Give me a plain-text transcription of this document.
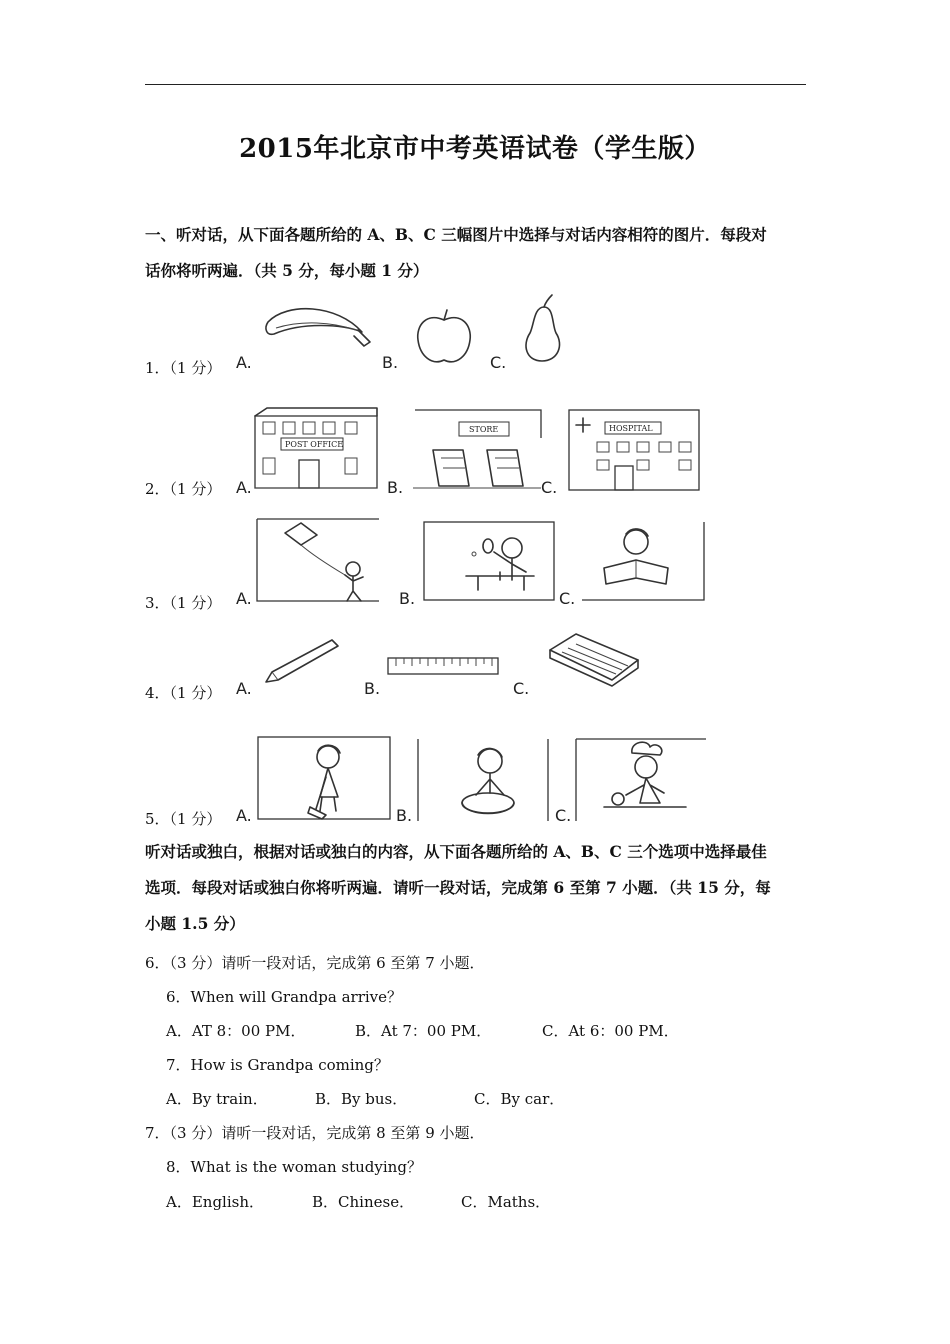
2015年北京市中考英语试卷（学生版）
一、听对话，从下面各题所给的 A、B、C 三幅图片中选择与对话内容相符的图片．每段对
话你将听两遍．（共 5 分，每小题 1 分）
1．（1 分） A.	B.	C.
2．（1 分） A.	B.	C.
POST OFFICE
STORE	HOSPITAL
3．（1 分） A.	B.	C.
4．（1 分） A.	B.	C.
5．（1 分） A.	B.	C.
听对话或独白，根据对话或独白的内容，从下面各题所给的 A、B、C 三个选项中选择最佳
选项．每段对话或独白你将听两遍．请听一段对话，完成第 6 至第 7 小题．（共 15 分，每
小题 1.5 分）
6．（3 分）请听一段对话，完成第 6 至第 7 小题．
6．When will Grandpa arrive？
A．AT 8：00 PM．	B．At 7：00 PM．	C．At 6：00 PM．
7．How is Grandpa coming？
A．By train．	B．By bus．	C．By car．
7．（3 分）请听一段对话，完成第 8 至第 9 小题．
8．What is the woman studying？
A．English．	B．Chinese．	C．Maths．
